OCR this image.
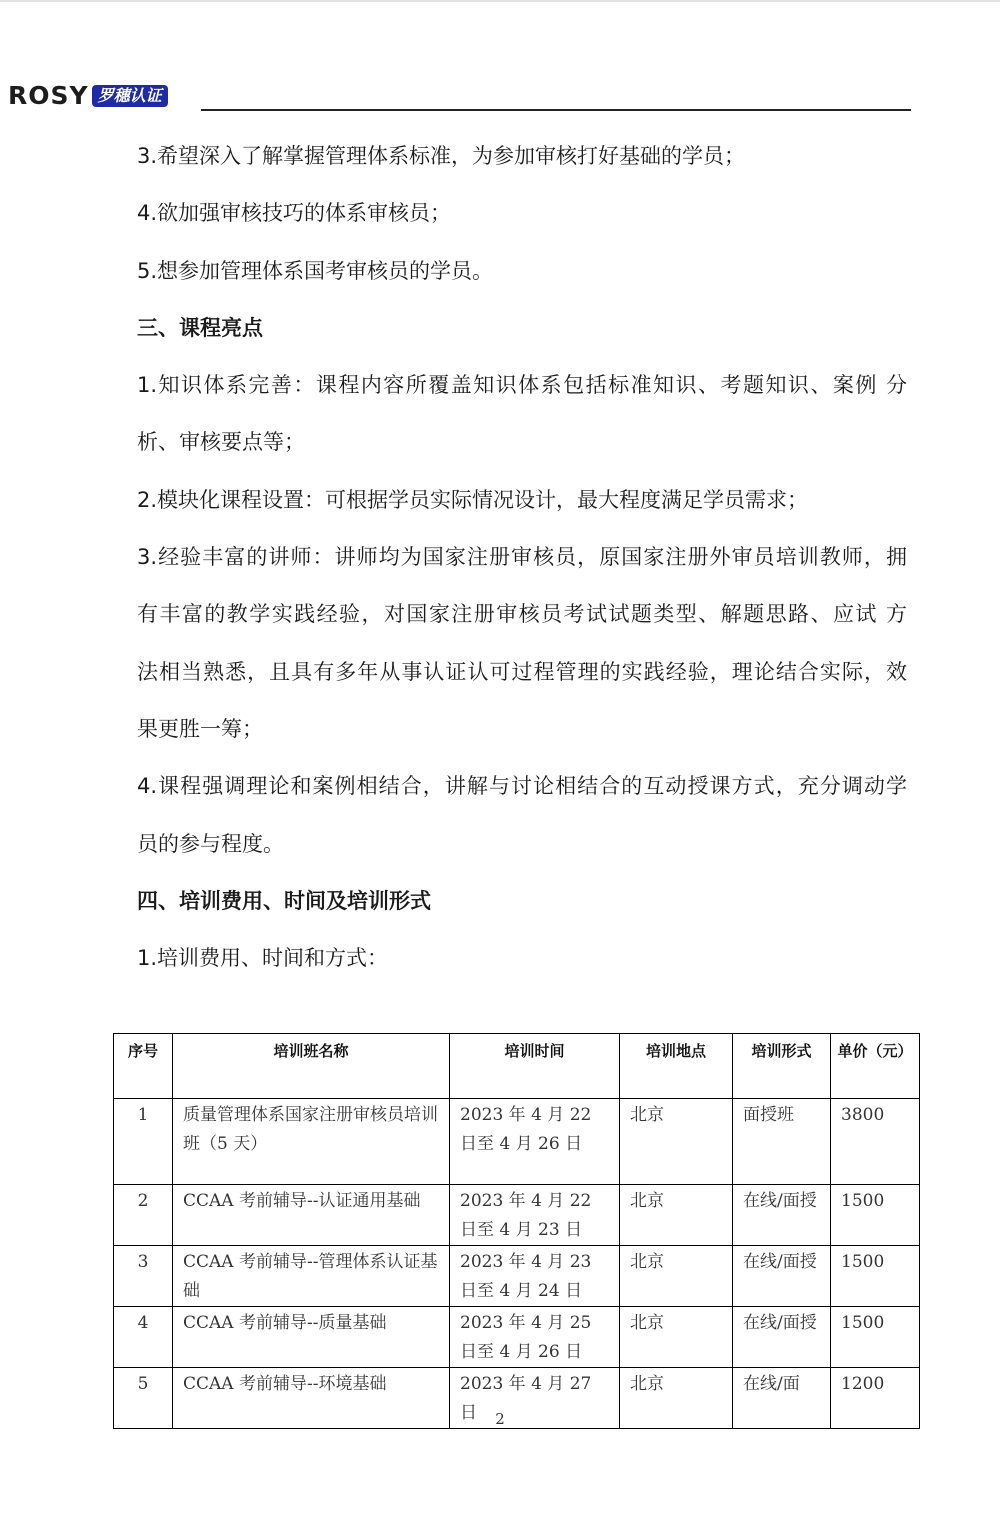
ROSY 罗穗认证
3.希望深入了解掌握管理体系标准，为参加审核打好基础的学员；
4.欲加强审核技巧的体系审核员；
5.想参加管理体系国考审核员的学员。
三、课程亮点
1.知识体系完善：课程内容所覆盖知识体系包括标准知识、考题知识、案例 分
析、审核要点等；
2.模块化课程设置：可根据学员实际情况设计，最大程度满足学员需求；
3.经验丰富的讲师：讲师均为国家注册审核员，原国家注册外审员培训教师，拥
有丰富的教学实践经验，对国家注册审核员考试试题类型、解题思路、应试 方
法相当熟悉，且具有多年从事认证认可过程管理的实践经验，理论结合实际，效
果更胜一筹；
4.课程强调理论和案例相结合，讲解与讨论相结合的互动授课方式，充分调动学
员的参与程度。
四、培训费用、时间及培训形式
1.培训费用、时间和方式：
序号	培训班名称	培训时间	培训地点	培训形式	单价（元）
1	质量管理体系国家注册审核员培训班（5 天）	2023 年 4 月 22 日至 4 月 26 日	北京	面授班	3800
2	CCAA 考前辅导--认证通用基础	2023 年 4 月 22 日至 4 月 23 日	北京	在线/面授	1500
3	CCAA 考前辅导--管理体系认证基础	2023 年 4 月 23 日至 4 月 24 日	北京	在线/面授	1500
4	CCAA 考前辅导--质量基础	2023 年 4 月 25 日至 4 月 26 日	北京	在线/面授	1500
5	CCAA 考前辅导--环境基础	2023 年 4 月 27 日	北京	在线/面	1200
2
